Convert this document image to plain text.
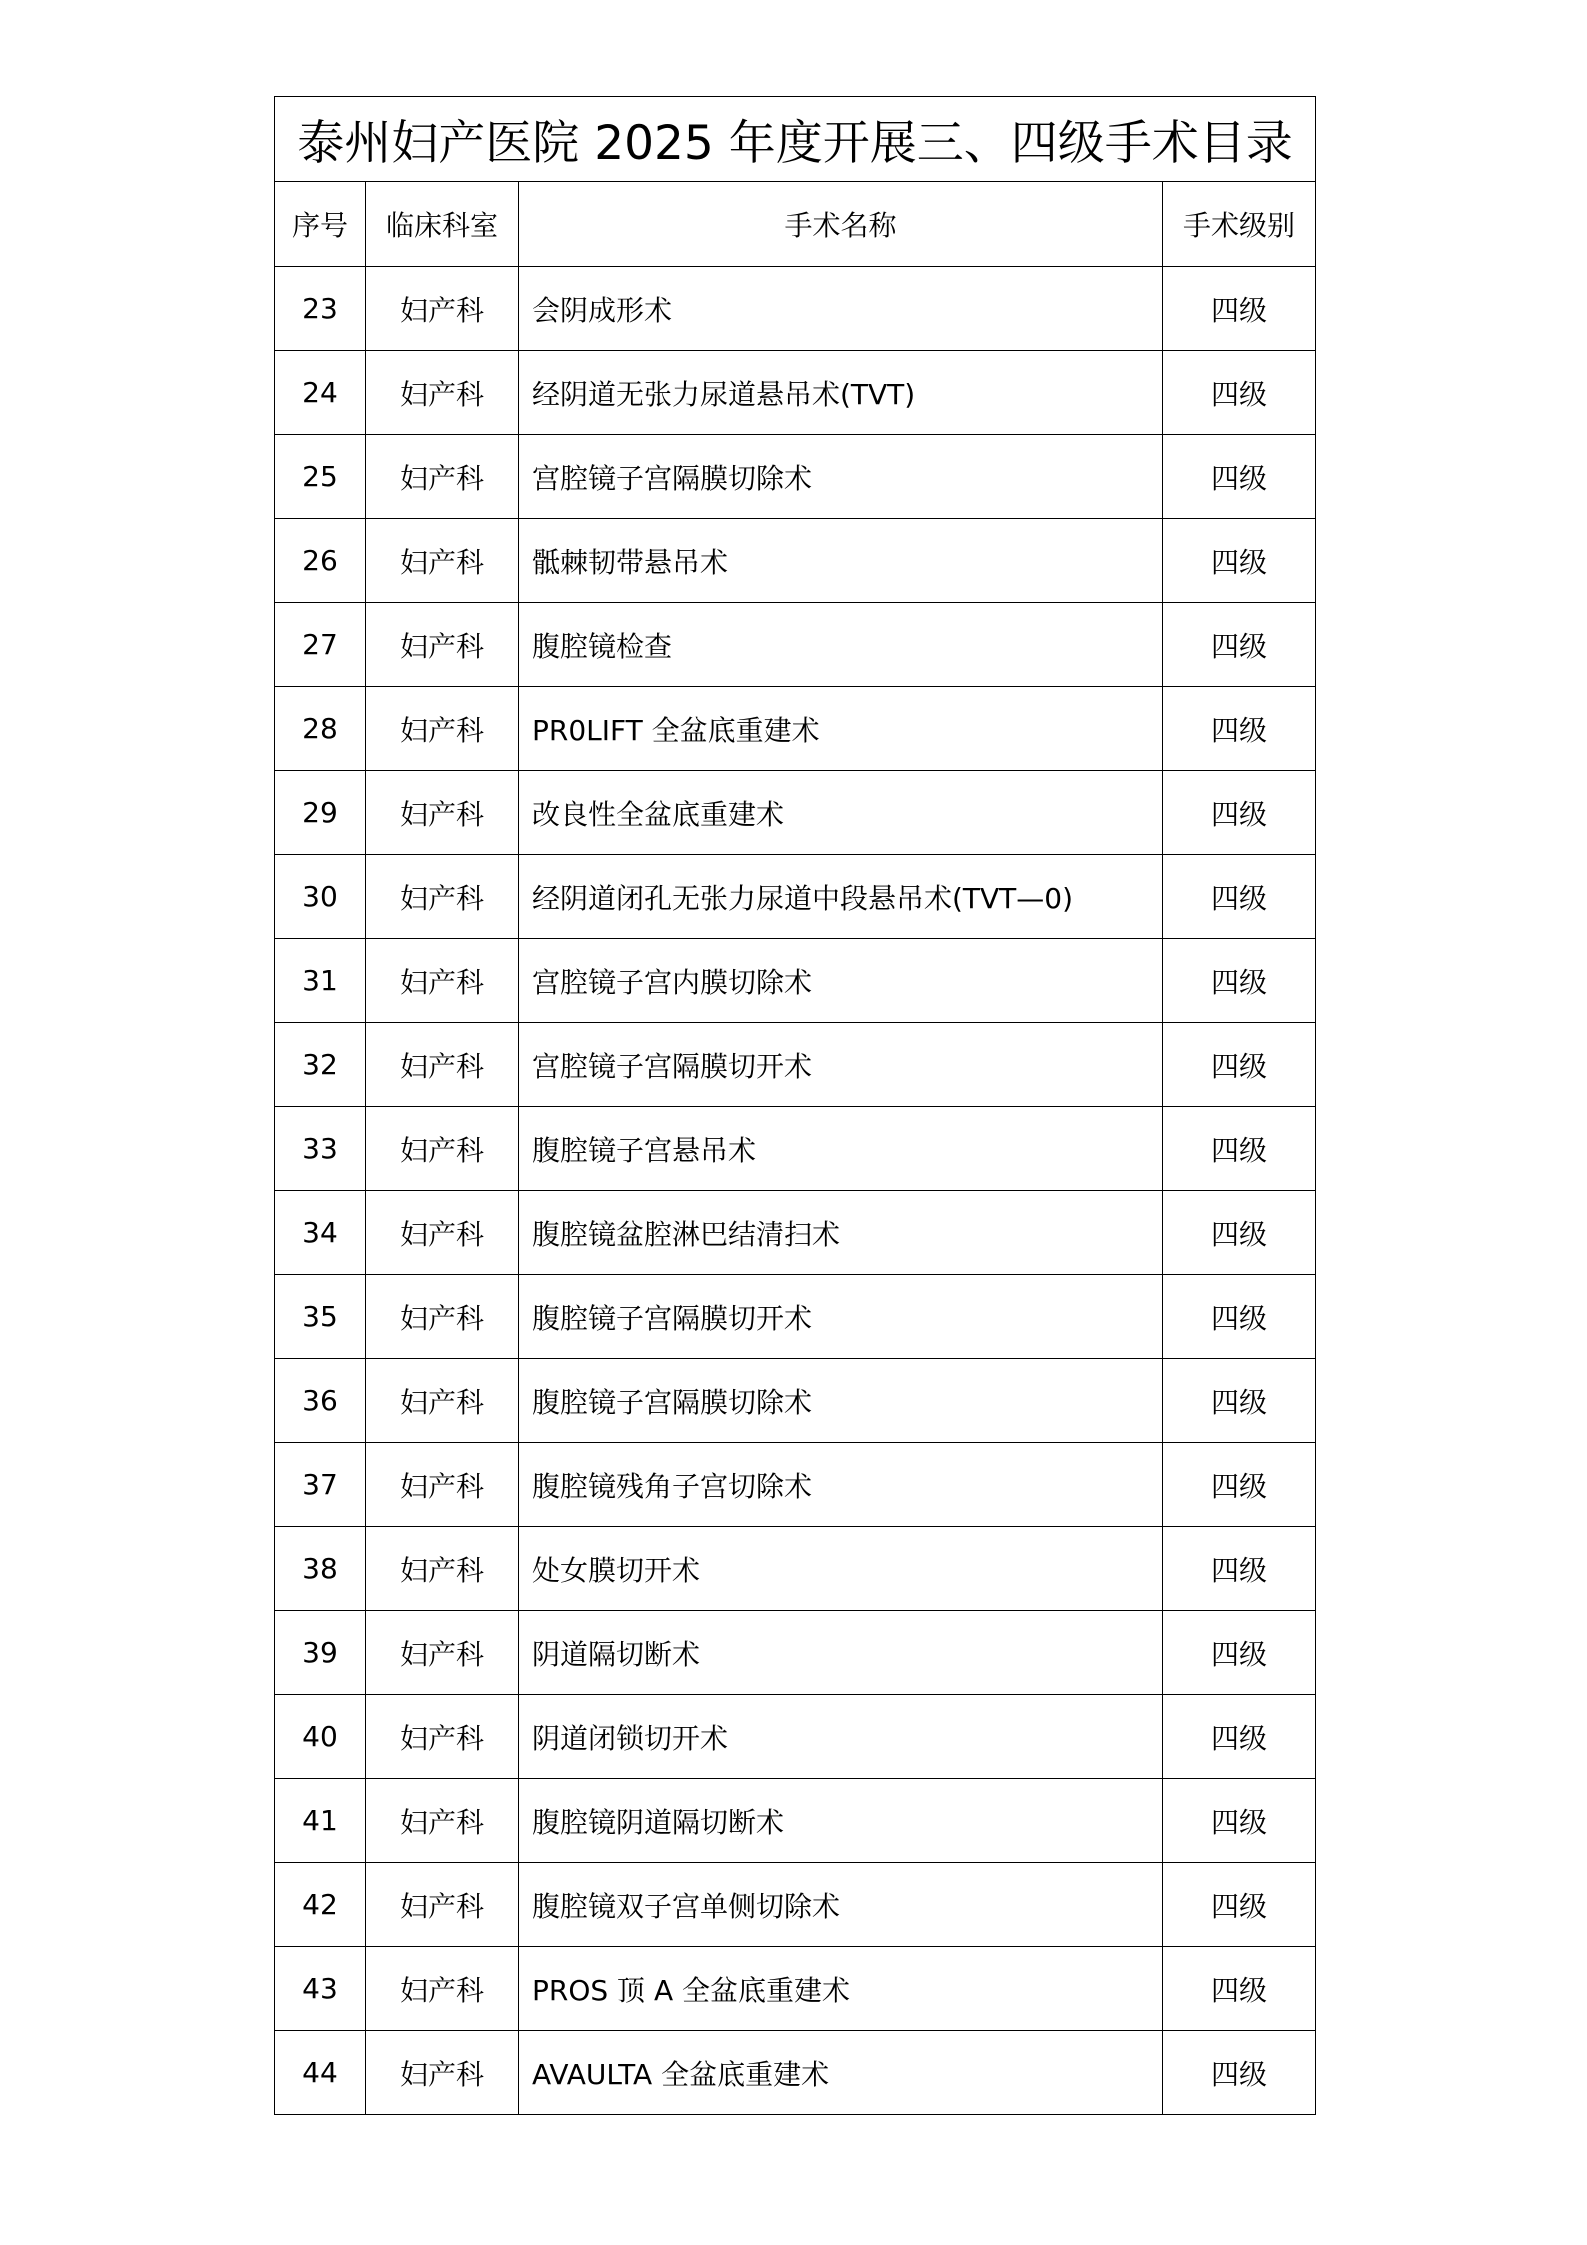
泰州妇产医院 2025 年度开展三、四级手术目录			
序号	临床科室	手术名称	手术级别
23	妇产科	会阴成形术	四级
24	妇产科	经阴道无张力尿道悬吊术(TVT)	四级
25	妇产科	宫腔镜子宫隔膜切除术	四级
26	妇产科	骶棘韧带悬吊术	四级
27	妇产科	腹腔镜检查	四级
28	妇产科	PR0LIFT 全盆底重建术	四级
29	妇产科	改良性全盆底重建术	四级
30	妇产科	经阴道闭孔无张力尿道中段悬吊术(TVT—0)	四级
31	妇产科	宫腔镜子宫内膜切除术	四级
32	妇产科	宫腔镜子宫隔膜切开术	四级
33	妇产科	腹腔镜子宫悬吊术	四级
34	妇产科	腹腔镜盆腔淋巴结清扫术	四级
35	妇产科	腹腔镜子宫隔膜切开术	四级
36	妇产科	腹腔镜子宫隔膜切除术	四级
37	妇产科	腹腔镜残角子宫切除术	四级
38	妇产科	处女膜切开术	四级
39	妇产科	阴道隔切断术	四级
40	妇产科	阴道闭锁切开术	四级
41	妇产科	腹腔镜阴道隔切断术	四级
42	妇产科	腹腔镜双子宫单侧切除术	四级
43	妇产科	PROS 顶 A 全盆底重建术	四级
44	妇产科	AVAULTA 全盆底重建术	四级
